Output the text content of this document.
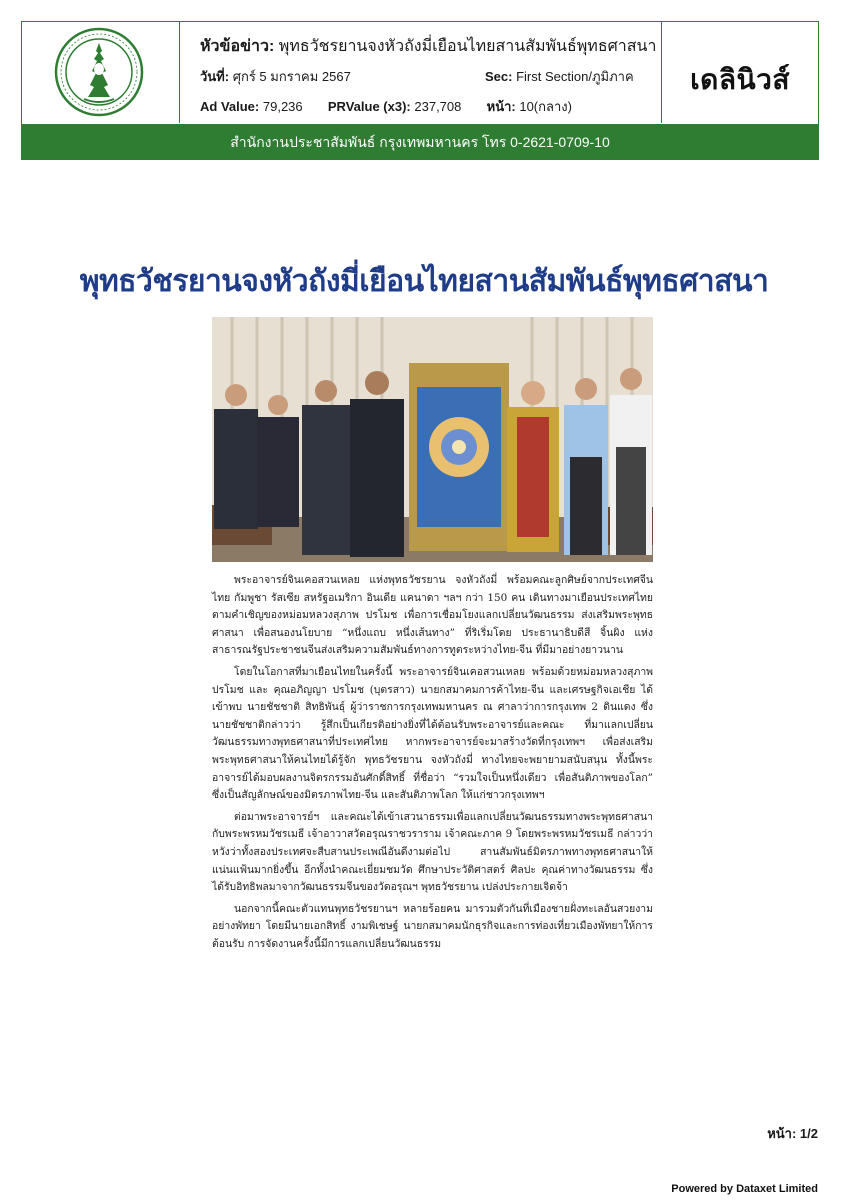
หัวข้อข่าว: พุทธวัชรยานจงหัวถังมี่เยือนไทยสานสัมพันธ์พุทธศาสนา
วันที่: ศุกร์ 5 มกราคม 2567	Sec: First Section/ภูมิภาค
Ad Value: 79,236 PRValue (x3): 237,708 หน้า: 10(กลาง)
เดลินิวส์
สำนักงานประชาสัมพันธ์ กรุงเทพมหานคร โทร 0-2621-0709-10
พุทธวัชรยานจงหัวถังมี่เยือนไทยสานสัมพันธ์พุทธศาสนา

พระอาจารย์จินเคอสวนเหลย แห่งพุทธวัชรยาน จงหัวถังมี่ พร้อมคณะลูกศิษย์จากประเทศจีน ไทย กัมพูชา รัสเซีย สหรัฐอเมริกา อินเดีย แคนาดา ฯลฯ กว่า 150 คน เดินทางมาเยือนประเทศไทย ตามคำเชิญของหม่อมหลวงสุภาพ ปรโมช เพื่อการเชื่อมโยงแลกเปลี่ยนวัฒนธรรม ส่งเสริมพระพุทธศาสนา เพื่อสนองนโยบาย “หนึ่งแถบ หนึ่งเส้นทาง” ที่ริเริ่มโดย ประธานาธิบดีสี จิ้นผิง แห่งสาธารณรัฐประชาชนจีนส่งเสริมความสัมพันธ์ทางการทูตระหว่างไทย-จีน ที่มีมาอย่างยาวนาน

โดยในโอกาสที่มาเยือนไทยในครั้งนี้ พระอาจารย์จินเคอสวนเหลย พร้อมด้วยหม่อมหลวงสุภาพ ปรโมช และ คุณอภิญญา ปรโมช (บุตรสาว) นายกสมาคมการค้าไทย-จีน และเศรษฐกิจเอเชีย ได้เข้าพบ นายชัชชาติ สิทธิพันธุ์ ผู้ว่าราชการกรุงเทพมหานคร ณ ศาลาว่าการกรุงเทพ 2 ดินแดง ซึ่งนายชัชชาติกล่าวว่า รู้สึกเป็นเกียรติอย่างยิ่งที่ได้ต้อนรับพระอาจารย์และคณะ ที่มาแลกเปลี่ยนวัฒนธรรมทางพุทธศาสนาที่ประเทศไทย หากพระอาจารย์จะมาสร้างวัดที่กรุงเทพฯ เพื่อส่งเสริมพระพุทธศาสนาให้คนไทยได้รู้จัก พุทธวัชรยาน จงหัวถังมี่ ทางไทยจะพยายามสนับสนุน ทั้งนี้พระอาจารย์ได้มอบผลงานจิตรกรรมอันศักดิ์สิทธิ์ ที่ชื่อว่า “รวมใจเป็นหนึ่งเดียว เพื่อสันติภาพของโลก” ซึ่งเป็นสัญลักษณ์ของมิตรภาพไทย-จีน และสันติภาพโลก ให้แก่ชาวกรุงเทพฯ

ต่อมาพระอาจารย์ฯ และคณะได้เข้าเสวนาธรรมเพื่อแลกเปลี่ยนวัฒนธรรมทางพระพุทธศาสนากับพระพรหมวัชรเมธี เจ้าอาวาสวัดอรุณราชวราราม เจ้าคณะภาค 9 โดยพระพรหมวัชรเมธี กล่าวว่า หวังว่าทั้งสองประเทศจะสืบสานประเพณีอันดีงามต่อไป สานสัมพันธ์มิตรภาพทางพุทธศาสนาให้แน่นแฟ้นมากยิ่งขึ้น อีกทั้งนำคณะเยี่ยมชมวัด ศึกษาประวัติศาสตร์ ศิลปะ คุณค่าทางวัฒนธรรม ซึ่งได้รับอิทธิพลมาจากวัฒนธรรมจีนของวัดอรุณฯ พุทธวัชรยาน เปล่งประกายเจิดจ้า

นอกจากนี้คณะตัวแทนพุทธวัชรยานฯ หลายร้อยคน มารวมตัวกันที่เมืองชายฝั่งทะเลอันสวยงามอย่างพัทยา โดยมีนายเอกสิทธิ์ งามพิเชษฐ์ นายกสมาคมนักธุรกิจและการท่องเที่ยวเมืองพัทยาให้การต้อนรับ การจัดงานครั้งนี้มีการแลกเปลี่ยนวัฒนธรรม

หน้า: 1/2
Powered by Dataxet Limited
